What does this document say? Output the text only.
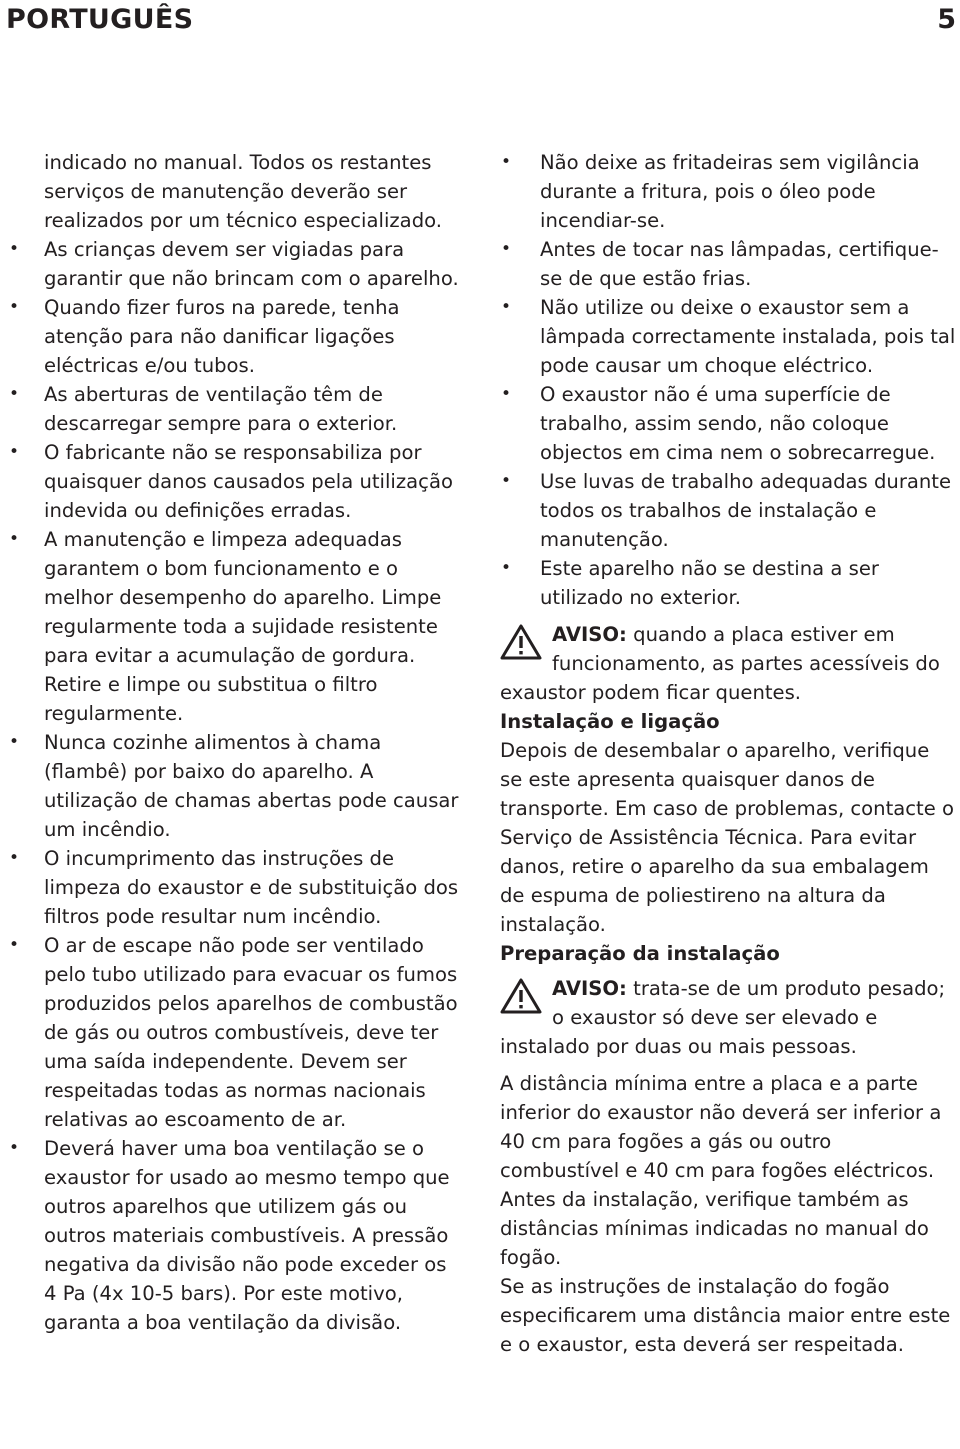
PORTUGUÊS	5

indicado no manual. Todos os restantes serviços de manutenção deverão ser realizados por um técnico especializado.

• As crianças devem ser vigiadas para garantir que não brincam com o aparelho.
• Quando fizer furos na parede, tenha atenção para não danificar ligações eléctricas e/ou tubos.
• As aberturas de ventilação têm de descarregar sempre para o exterior.
• O fabricante não se responsabiliza por quaisquer danos causados pela utilização indevida ou definições erradas.
• A manutenção e limpeza adequadas garantem o bom funcionamento e o melhor desempenho do aparelho. Limpe regularmente toda a sujidade resistente para evitar a acumulação de gordura. Retire e limpe ou substitua o filtro regularmente.
• Nunca cozinhe alimentos à chama (flambê) por baixo do aparelho. A utilização de chamas abertas pode causar um incêndio.
• O incumprimento das instruções de limpeza do exaustor e de substituição dos filtros pode resultar num incêndio.
• O ar de escape não pode ser ventilado pelo tubo utilizado para evacuar os fumos produzidos pelos aparelhos de combustão de gás ou outros combustíveis, deve ter uma saída independente. Devem ser respeitadas todas as normas nacionais relativas ao escoamento de ar.
• Deverá haver uma boa ventilação se o exaustor for usado ao mesmo tempo que outros aparelhos que utilizem gás ou outros materiais combustíveis. A pressão negativa da divisão não pode exceder os 4 Pa (4x 10-5 bars). Por este motivo, garanta a boa ventilação da divisão.
• Não deixe as fritadeiras sem vigilância durante a fritura, pois o óleo pode incendiar-se.
• Antes de tocar nas lâmpadas, certifique-se de que estão frias.
• Não utilize ou deixe o exaustor sem a lâmpada correctamente instalada, pois tal pode causar um choque eléctrico.
• O exaustor não é uma superfície de trabalho, assim sendo, não coloque objectos em cima nem o sobrecarregue.
• Use luvas de trabalho adequadas durante todos os trabalhos de instalação e manutenção.
• Este aparelho não se destina a ser utilizado no exterior.
AVISO: quando a placa estiver em funcionamento, as partes acessíveis do exaustor podem ficar quentes.
Instalação e ligação

Depois de desembalar o aparelho, verifique se este apresenta quaisquer danos de transporte. Em caso de problemas, contacte o Serviço de Assistência Técnica. Para evitar danos, retire o aparelho da sua embalagem de espuma de poliestireno na altura da instalação.

Preparação da instalação
AVISO: trata-se de um produto pesado; o exaustor só deve ser elevado e instalado por duas ou mais pessoas.

A distância mínima entre a placa e a parte inferior do exaustor não deverá ser inferior a 40 cm para fogões a gás ou outro combustível e 40 cm para fogões eléctricos. Antes da instalação, verifique também as distâncias mínimas indicadas no manual do fogão.

Se as instruções de instalação do fogão especificarem uma distância maior entre este e o exaustor, esta deverá ser respeitada.
